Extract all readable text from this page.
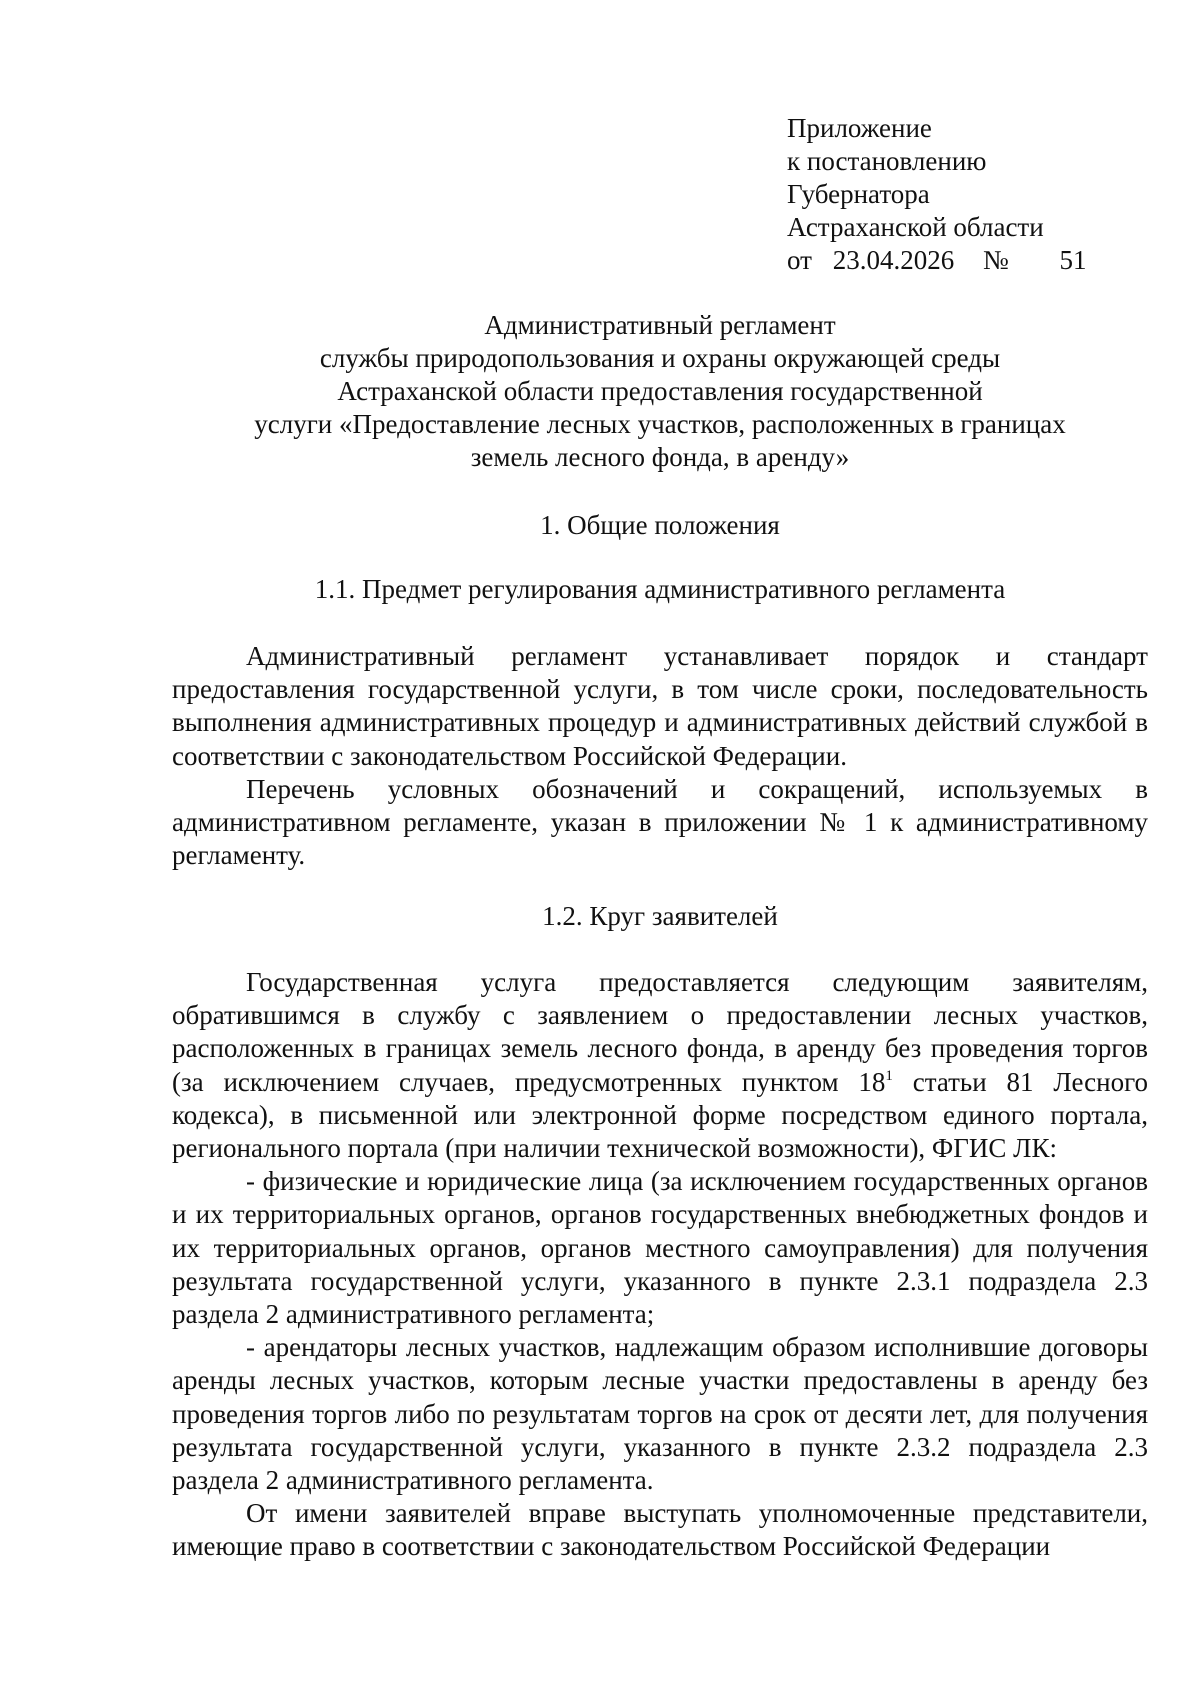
Приложение
к постановлению
Губернатора
Астраханской области
от 23.04.2026 № 51
Административный регламент
службы природопользования и охраны окружающей среды
Астраханской области предоставления государственной
услуги «Предоставление лесных участков, расположенных в границах
земель лесного фонда, в аренду»
1. Общие положения
1.1. Предмет регулирования административного регламента

Административный регламент устанавливает порядок и стандарт предоставления государственной услуги, в том числе сроки, последовательность выполнения административных процедур и административных действий службой в соответствии с законодательством Российской Федерации.

Перечень условных обозначений и сокращений, используемых в административном регламенте, указан в приложении № 1 к административному регламенту.

1.2. Круг заявителей

Государственная услуга предоставляется следующим заявителям, обратившимся в службу с заявлением о предоставлении лесных участков, расположенных в границах земель лесного фонда, в аренду без проведения торгов (за исключением случаев, предусмотренных пунктом $18^1$ статьи 81 Лесного кодекса), в письменной или электронной форме посредством единого портала, регионального портала (при наличии технической возможности), ФГИС ЛК:

- физические и юридические лица (за исключением государственных органов и их территориальных органов, органов государственных внебюджетных фондов и их территориальных органов, органов местного самоуправления) для получения результата государственной услуги, указанного в пункте 2.3.1 подраздела 2.3 раздела 2 административного регламента;

- арендаторы лесных участков, надлежащим образом исполнившие договоры аренды лесных участков, которым лесные участки предоставлены в аренду без проведения торгов либо по результатам торгов на срок от десяти лет, для получения результата государственной услуги, указанного в пункте 2.3.2 подраздела 2.3 раздела 2 административного регламента.

От имени заявителей вправе выступать уполномоченные представители, имеющие право в соответствии с законодательством Российской Федерации
